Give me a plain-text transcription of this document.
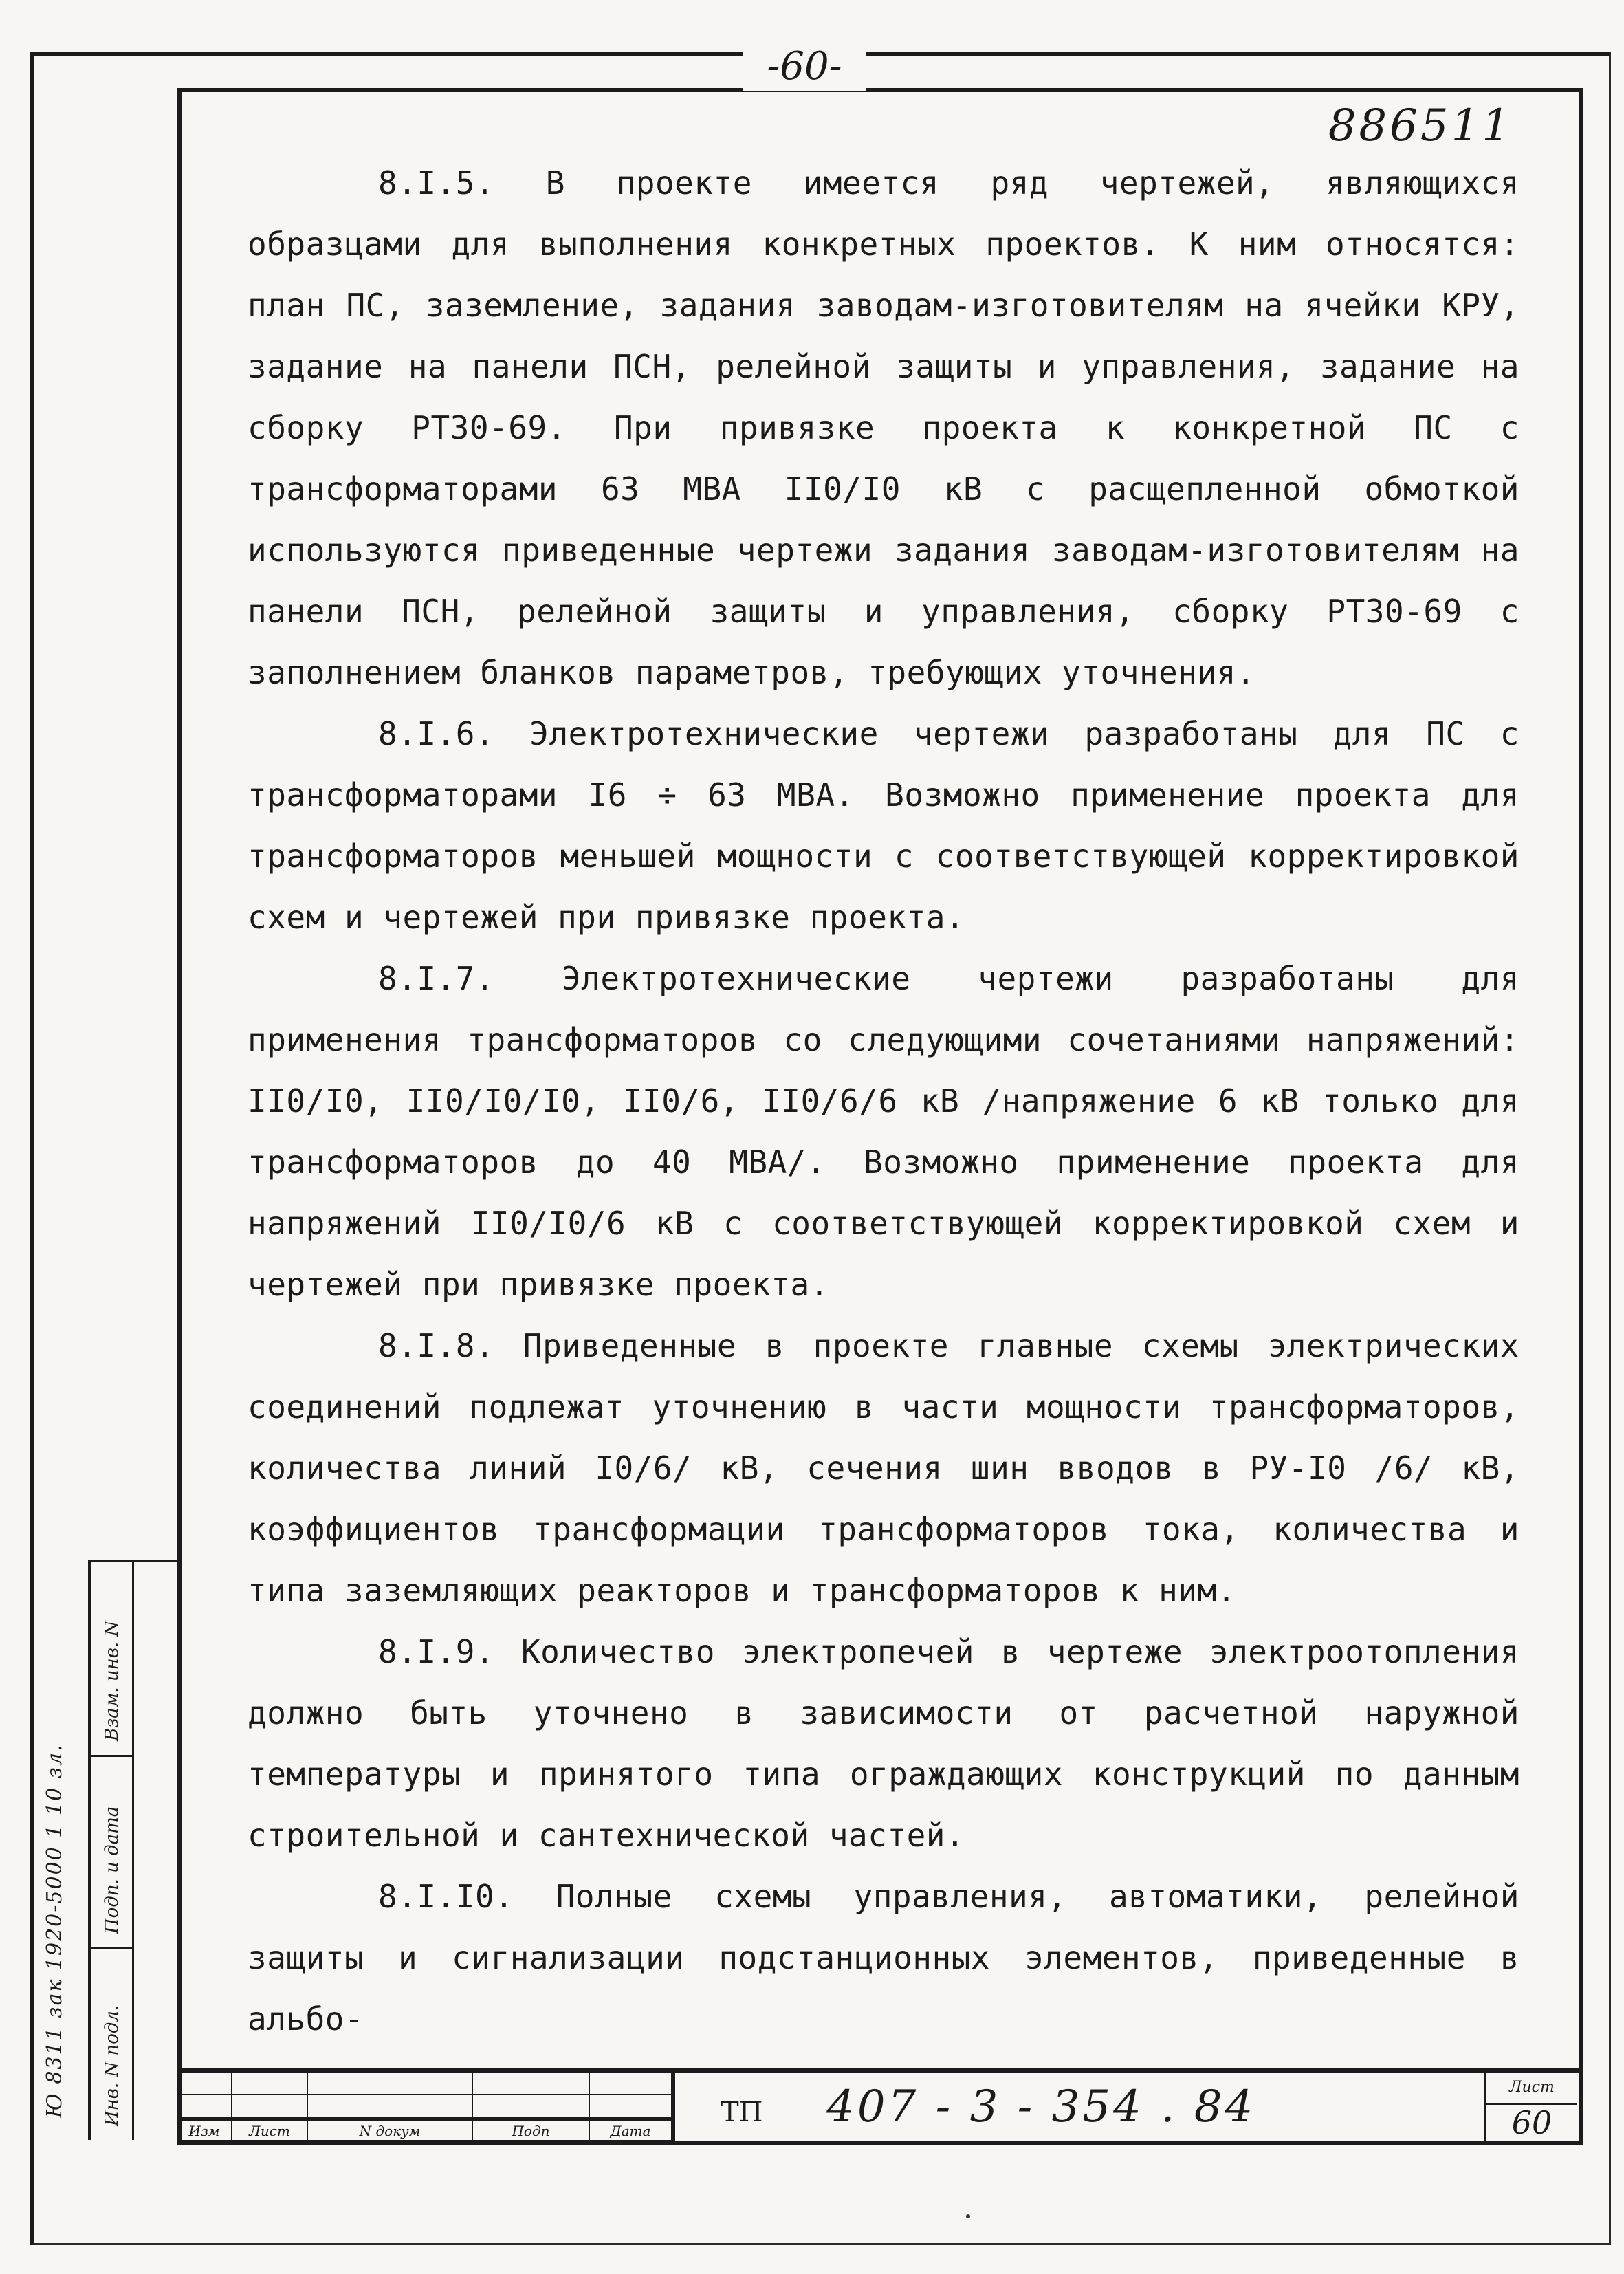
-60-
886511

8.I.5. В проекте имеется ряд чертежей, являющихся образцами для выполнения конкретных проектов. К ним относятся: план ПС, заземление, задания заводам-изготовителям на ячейки КРУ, задание на панели ПСН, релейной защиты и управления, задание на сборку РТ30-69. При привязке проекта к конкретной ПС с трансформаторами 63 МВА II0/I0 кВ с расщепленной обмоткой используются приведенные чертежи задания заводам-изготовителям на панели ПСН, релейной защиты и управления, сборку РТ30-69 с заполнением бланков параметров, требующих уточнения.

8.I.6. Электротехнические чертежи разработаны для ПС с трансформаторами I6 ÷ 63 МВА. Возможно применение проекта для трансформаторов меньшей мощности с соответствующей корректировкой схем и чертежей при привязке проекта.

8.I.7. Электротехнические чертежи разработаны для применения трансформаторов со следующими сочетаниями напряжений: II0/I0, II0/I0/I0, II0/6, II0/6/6 кВ /напряжение 6 кВ только для трансформаторов до 40 МВА/. Возможно применение проекта для напряжений II0/I0/6 кВ с соответствующей корректировкой схем и чертежей при привязке проекта.

8.I.8. Приведенные в проекте главные схемы электрических соединений подлежат уточнению в части мощности трансформаторов, количества линий I0/6/ кВ, сечения шин вводов в РУ-I0 /6/ кВ, коэффициентов трансформации трансформаторов тока, количества и типа заземляющих реакторов и трансформаторов к ним.

8.I.9. Количество электропечей в чертеже электроотопления должно быть уточнено в зависимости от расчетной наружной температуры и принятого типа ограждающих конструкций по данным строительной и сантехнической частей.

8.I.I0. Полные схемы управления, автоматики, релейной защиты и сигнализации подстанционных элементов, приведенные в альбо-

Взам. инв. N
Подп. и дата
Инв. N подл.
Ю 8311 зак 1920-5000 1 10 зл.
Изм	Лист	N докум	Подп	Дата
ТП 407 - 3 - 354 . 84	Лист
60
